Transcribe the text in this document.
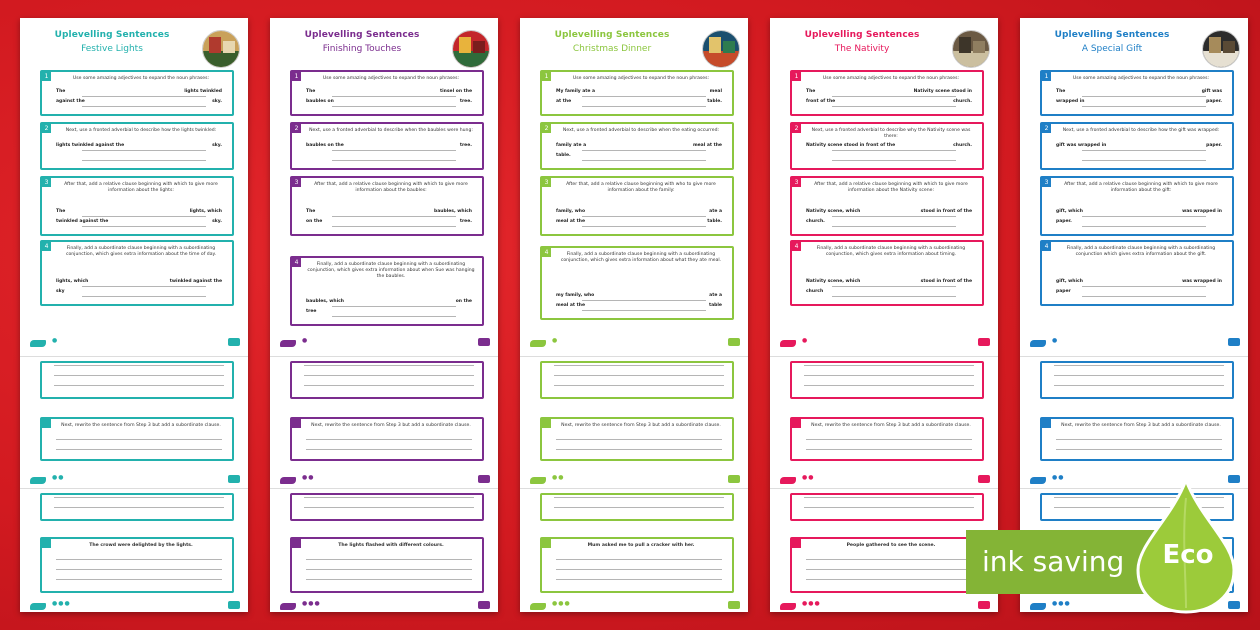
Uplevelling Sentences
Festive Lights
1	Use some amazing adjectives to expand the noun phrases:
The	lights twinkled
against the	sky.
2	Next, use a fronted adverbial to describe how the lights twinkled:
lights twinkled against the	sky.
3	After that, add a relative clause beginning with which to give more information about the lights:
The	lights, which
twinkled against the	sky.
4	Finally, add a subordinate clause beginning with a subordinating conjunction, which gives extra information about the time of day.
lights, which	twinkled against the
sky
●
Next, rewrite the sentence from Step 3 but add a subordinate clause.
●●
The crowd were delighted by the lights.
●●●
Uplevelling Sentences
Finishing Touches
1	Use some amazing adjectives to expand the noun phrases:
The	tinsel on the
baubles on	tree.
2	Next, use a fronted adverbial to describe when the baubles were hung:
baubles on the	tree.
3	After that, add a relative clause beginning with which to give more information about the baubles:
The	baubles, which
on the	tree.
4	Finally, add a subordinate clause beginning with a subordinating conjunction, which gives extra information about when Sue was hanging the baubles.
baubles, which	on the
tree
●
Next, rewrite the sentence from Step 3 but add a subordinate clause.
●●
The lights flashed with different colours.
●●●
Uplevelling Sentences
Christmas Dinner
1	Use some amazing adjectives to expand the noun phrases:
My family ate a	meal
at the	table.
2	Next, use a fronted adverbial to describe when the eating occurred:
family ate a	meal at the
table.
3	After that, add a relative clause beginning with who to give more information about the family:
family, who	ate a
meal at the	table.
4	Finally, add a subordinate clause beginning with a subordinating conjunction, which gives extra information about what they ate meal.
my family, who	ate a
meal at the	table
●
Next, rewrite the sentence from Step 3 but add a subordinate clause.
●●
Mum asked me to pull a cracker with her.
●●●
Uplevelling Sentences
The Nativity
1	Use some amazing adjectives to expand the noun phrases:
The	Nativity scene stood in
front of the	church.
2	Next, use a fronted adverbial to describe why the Nativity scene was there:
Nativity scene stood in front of the	church.
3	After that, add a relative clause beginning with which to give more information about the Nativity scene:
Nativity scene, which	stood in front of the
church.
4	Finally, add a subordinate clause beginning with a subordinating conjunction, which gives extra information about timing.
Nativity scene, which	stood in front of the
church
●
Next, rewrite the sentence from Step 3 but add a subordinate clause.
●●
People gathered to see the scene.
●●●
Uplevelling Sentences
A Special Gift
1	Use some amazing adjectives to expand the noun phrases:
The	gift was
wrapped in	paper.
2	Next, use a fronted adverbial to describe how the gift was wrapped:
gift was wrapped in	paper.
3	After that, add a relative clause beginning with which to give more information about the gift:
gift, which	was wrapped in
paper.
4	Finally, add a subordinate clause beginning with a subordinating conjunction which gives extra information about the gift.
gift, which	was wrapped in
paper
●
Next, rewrite the sentence from Step 3 but add a subordinate clause.
●●
●●●
ink saving	Eco
